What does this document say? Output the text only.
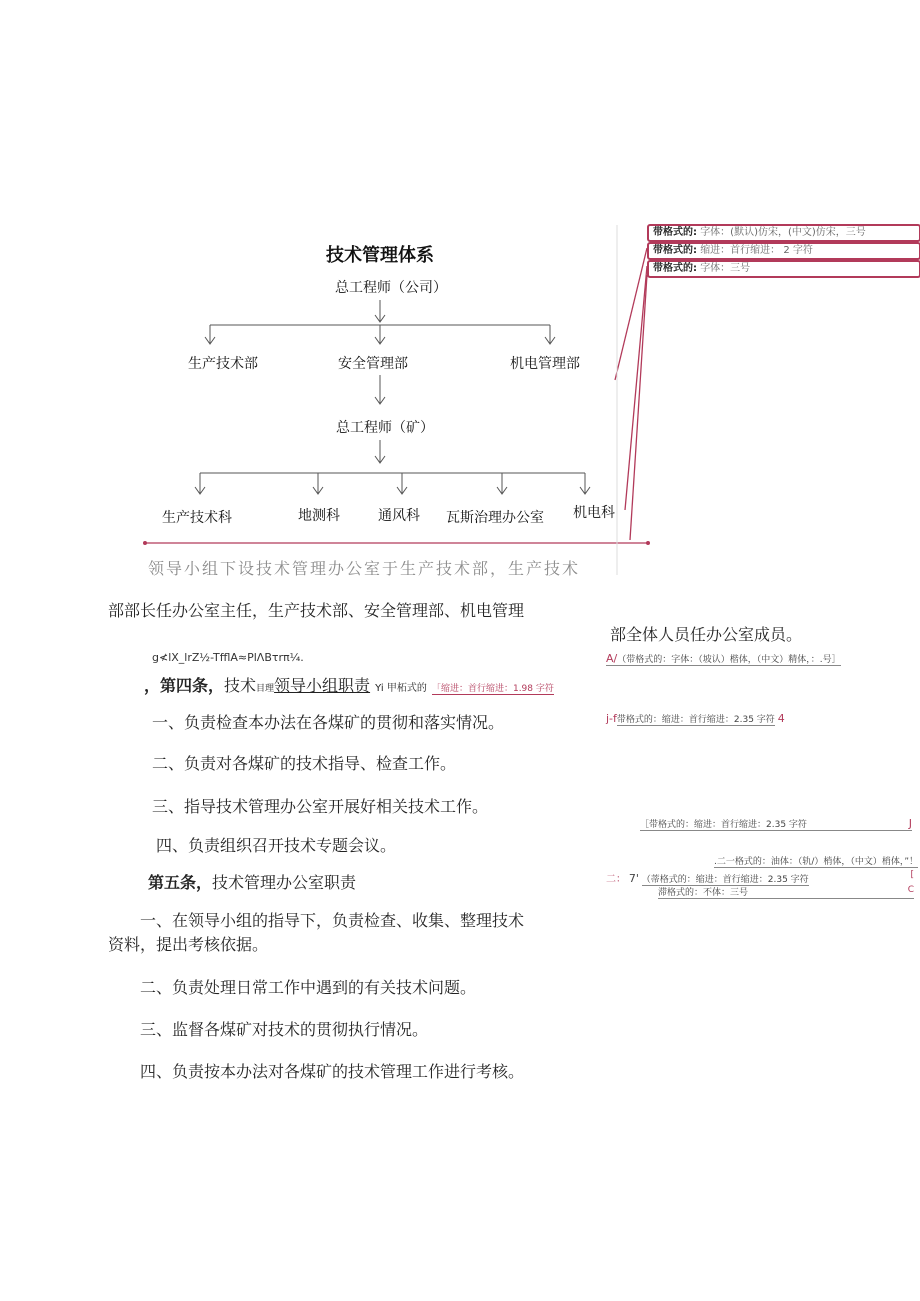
技术管理体系
总工程师（公司）
生产技术部	安全管理部	机电管理部
总工程师（矿）
生产技术科	地测科	通风科 瓦斯治理办公室 机电科
带格式的: 字体：(默认)仿宋，(中文)仿宋，三号
带格式的: 缩进：首行缩进： 2 字符
带格式的: 字体：三号
领导小组下设技术管理办公室于生产技术部，生产技术
部部长任办公室主任，生产技术部、安全管理部、机电管理
部全体人员任办公室成员。
g≮lX_lrZ½-TfflA≈PlΛBτrπ¼.
，第四条，技术目理领导小组职责 Yi 甲柘式的 「缩进：首行缩进：1.98 字符
一、负责检查本办法在各煤矿的贯彻和落实情况。
二、负责对各煤矿的技术指导、检查工作。
三、指导技术管理办公室开展好相关技术工作。
四、负责组织召开技术专题会议。
第五条，技术管理办公室职责
一、在领导小组的指导下，负责检查、收集、整理技术
资料，提出考核依据。
二、负责处理日常工作中遇到的有关技术问题。
三、监督各煤矿对技术的贯彻执行情况。
四、负责按本办法对各煤矿的技术管理工作进行考核。
A/（带格式的：字体：（坡认）楷体，（中文）精体，：.号］
j-f带格式的：缩进：首行缩进：2.35 字符 4
［带格式的：缩进：首行缩进：2.35 字符	J
.二一格式的：油体：（轨/）梢体，（中文）梢体，”！
二： 7' （蒂格式的：缩进：首行缩进：2.35 字符	[
滞格式的：不体：三号	C
